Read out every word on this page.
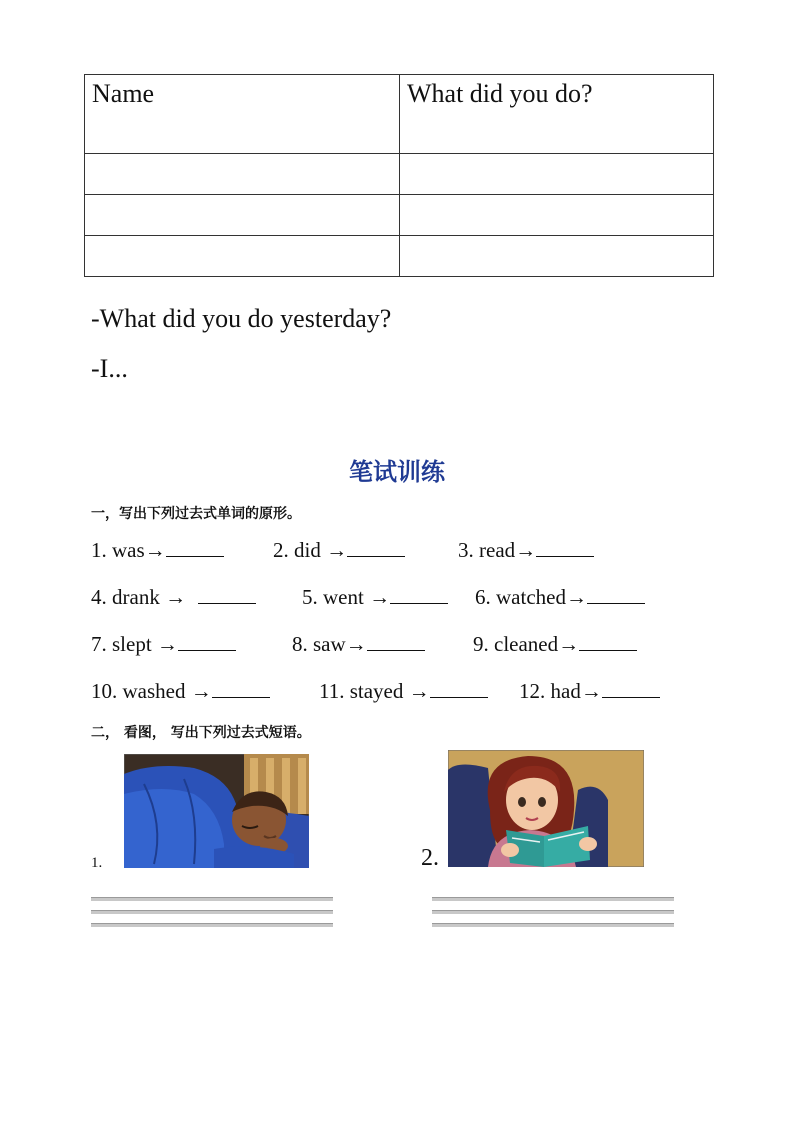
Name	What did you do?

-What did you do yesterday?
-I...
笔试训练
一，写出下列过去式单词的原形。
1. was→	2. did →	3. read→
4. drank →	5. went →	6. watched→
7. slept →	8. saw→	9. cleaned→
10. washed →	11. stayed →	12. had→
二， 看图， 写出下列过去式短语。
1.	2.
